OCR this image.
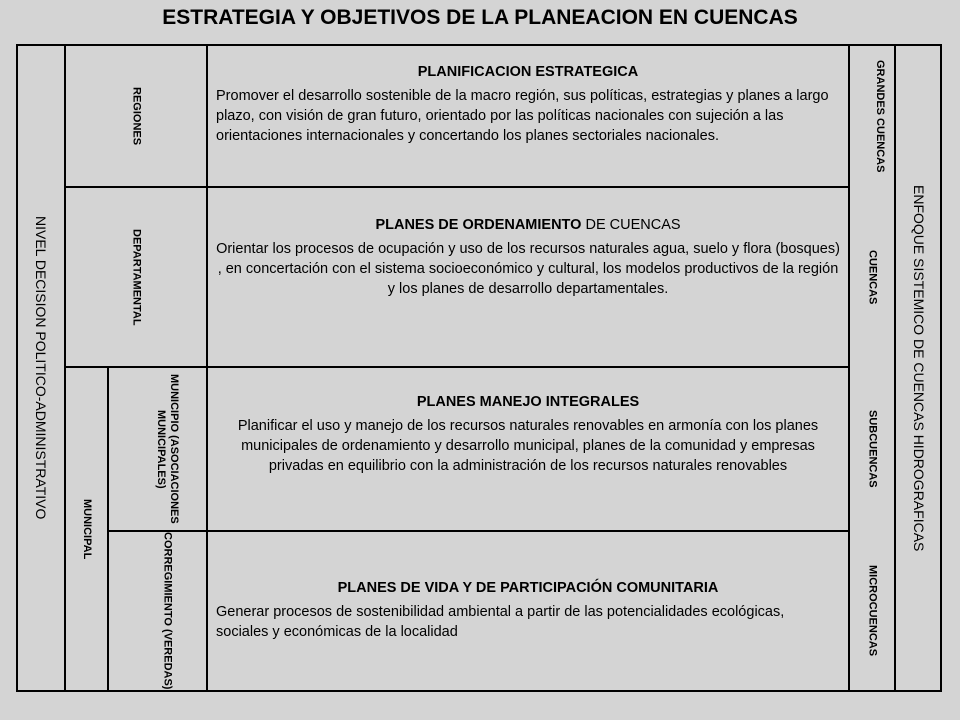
ESTRATEGIA Y OBJETIVOS DE LA PLANEACION EN CUENCAS
NIVEL DECISION POLITICO-ADMINISTRATIVO	ENFOQUE SISTEMICO DE CUENCAS HIDROGRAFICAS
MUNICIPAL
REGIONES
DEPARTAMENTAL
MUNICIPIO (ASOCIACIONES MUNICIPALES)
CORREGIMIENTO (VEREDAS)
GRANDES CUENCAS
CUENCAS
SUBCUENCAS
MICROCUENCAS
PLANIFICACION ESTRATEGICA
Promover el desarrollo sostenible de la macro región, sus políticas, estrategias y planes a largo plazo, con visión de gran futuro, orientado por las políticas nacionales con sujeción a las orientaciones internacionales y concertando los planes sectoriales nacionales.
PLANES DE ORDENAMIENTO DE CUENCAS
Orientar los procesos de ocupación y uso de los recursos naturales agua, suelo y flora (bosques) , en concertación con el sistema socioeconómico y cultural, los modelos productivos de la región y los planes de desarrollo departamentales.
PLANES MANEJO INTEGRALES
Planificar el uso y manejo de los recursos naturales renovables en armonía con los planes municipales de ordenamiento y desarrollo municipal, planes de la comunidad y empresas privadas en equilibrio con la administración de los recursos naturales renovables
PLANES DE VIDA Y DE PARTICIPACIÓN COMUNITARIA
Generar procesos de sostenibilidad ambiental a partir de las potencialidades ecológicas, sociales y económicas de la localidad
